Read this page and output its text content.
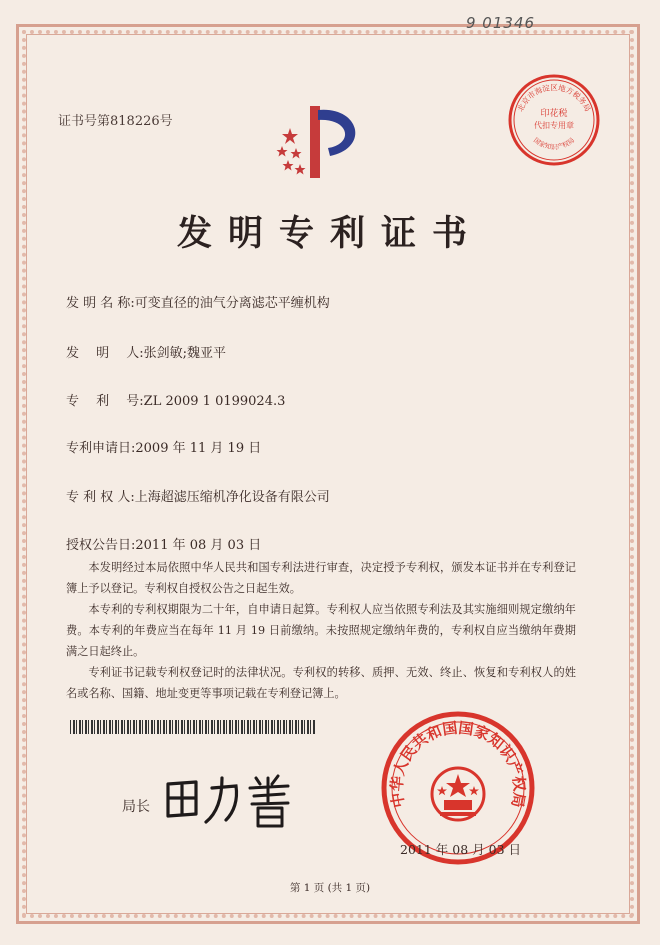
9 01346
证书号第818226号
北京市海淀区地方税务局
印花税
代扣专用章
国家知识产权局
发明专利证书
发 明 名 称:可变直径的油气分离滤芯平缠机构
发　 明　 人:张剑敏;魏亚平
专　 利　 号:ZL 2009 1 0199024.3
专利申请日:2009 年 11 月 19 日
专 利 权 人:上海超滤压缩机净化设备有限公司
授权公告日:2011 年 08 月 03 日

本发明经过本局依照中华人民共和国专利法进行审查，决定授予专利权，颁发本证书并在专利登记簿上予以登记。专利权自授权公告之日起生效。

本专利的专利权期限为二十年，自申请日起算。专利权人应当依照专利法及其实施细则规定缴纳年费。本专利的年费应当在每年 11 月 19 日前缴纳。未按照规定缴纳年费的，专利权自应当缴纳年费期满之日起终止。

专利证书记载专利权登记时的法律状况。专利权的转移、质押、无效、终止、恢复和专利权人的姓名或名称、国籍、地址变更等事项记载在专利登记簿上。

局长	中华人民共和国国家知识产权局
2011 年 08 月 03 日
第 1 页 (共 1 页)
